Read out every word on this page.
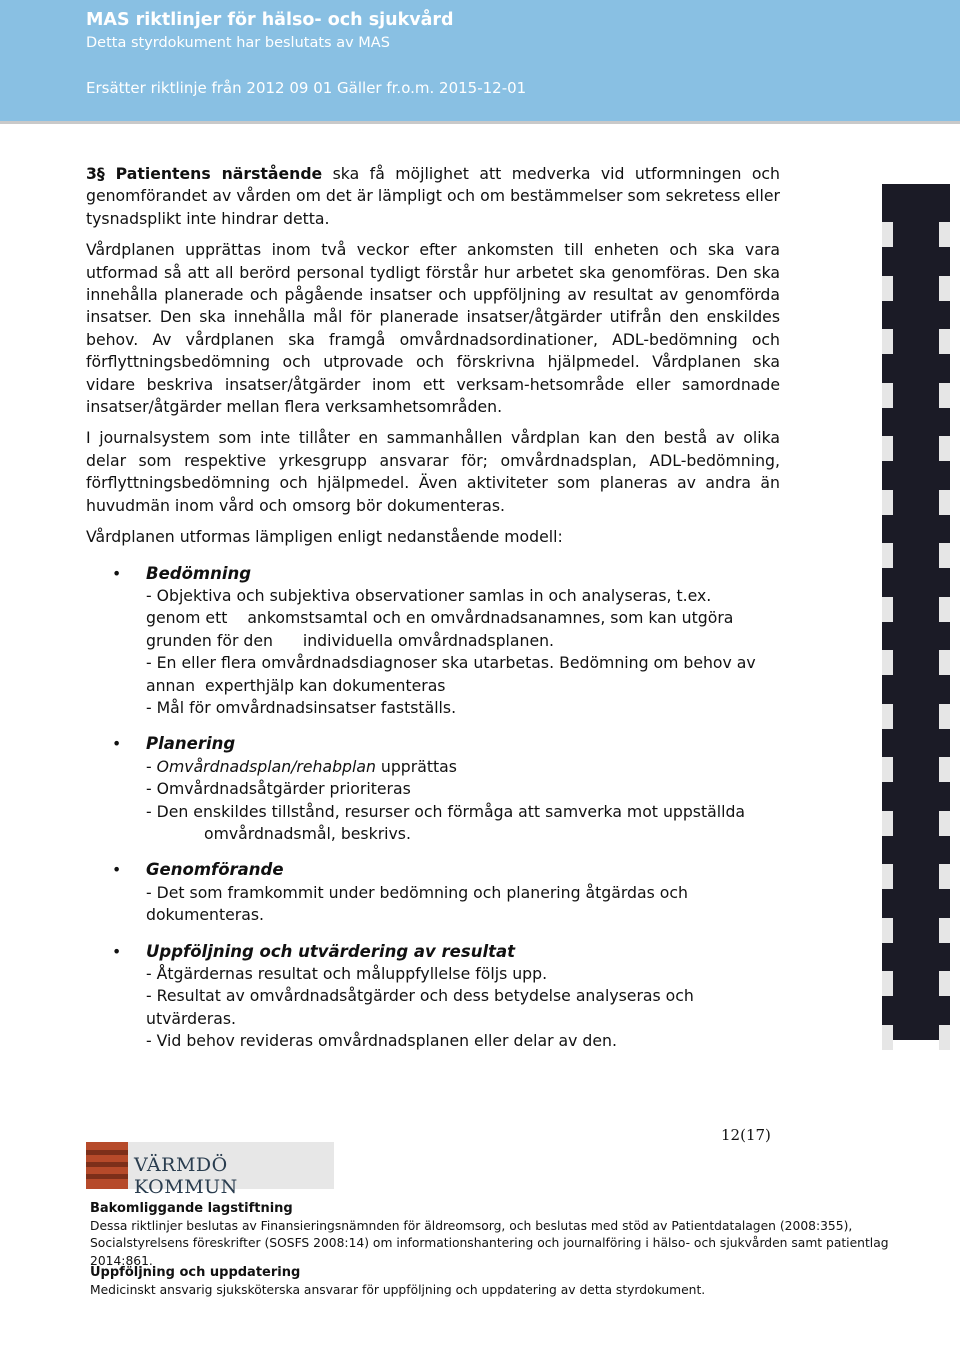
MAS riktlinjer för hälso- och sjukvård
Detta styrdokument har beslutats av MAS
Ersätter riktlinje från 2012 09 01 Gäller fr.o.m. 2015-12-01

3§ Patientens närstående ska få möjlighet att medverka vid utformningen och genomförandet av vården om det är lämpligt och om bestämmelser som sekretess eller tysnadsplikt inte hindrar detta.

Vårdplanen upprättas inom två veckor efter ankomsten till enheten och ska vara utformad så att all berörd personal tydligt förstår hur arbetet ska genomföras. Den ska innehålla planerade och pågående insatser och uppföljning av resultat av genomförda insatser. Den ska innehålla mål för planerade insatser/åtgärder utifrån den enskildes behov. Av vårdplanen ska framgå omvårdnadsordinationer, ADL-bedömning och förflyttningsbedömning och utprovade och förskrivna hjälpmedel. Vårdplanen ska vidare beskriva insatser/åtgärder inom ett verksam-hetsområde eller samordnade insatser/åtgärder mellan flera verksamhetsområden.

I journalsystem som inte tillåter en sammanhållen vårdplan kan den bestå av olika delar som respektive yrkesgrupp ansvarar för; omvårdnadsplan, ADL-bedömning, förflyttningsbedömning och hjälpmedel. Även aktiviteter som planeras av andra än huvudmän inom vård och omsorg bör dokumenteras.

Vårdplanen utformas lämpligen enligt nedanstående modell:

• Bedömning
- Objektiva och subjektiva observationer samlas in och analyseras, t.ex.
genom ett    ankomstsamtal och en omvårdnadsanamnes, som kan utgöra
grunden för den      individuella omvårdnadsplanen.
- En eller flera omvårdnadsdiagnoser ska utarbetas. Bedömning om behov av
annan  experthjälp kan dokumenteras
- Mål för omvårdnadsinsatser fastställs.
• Planering
- Omvårdnadsplan/rehabplan upprättas
- Omvårdnadsåtgärder prioriteras
- Den enskildes tillstånd, resurser och förmåga att samverka mot uppställda
omvårdnadsmål, beskrivs.
• Genomförande
- Det som framkommit under bedömning och planering åtgärdas och
dokumenteras.
• Uppföljning och utvärdering av resultat
- Åtgärdernas resultat och måluppfyllelse följs upp.
- Resultat av omvårdnadsåtgärder och dess betydelse analyseras och
utvärderas.
- Vid behov revideras omvårdnadsplanen eller delar av den.
12(17)
VÄRMDÖ KOMMUN
Bakomliggande lagstiftning
Dessa riktlinjer beslutas av Finansieringsnämnden för äldreomsorg, och beslutas med stöd av Patientdatalagen (2008:355), Socialstyrelsens föreskrifter (SOSFS 2008:14) om informationshantering och journalföring i hälso- och sjukvården samt patientlag 2014:861.
Uppföljning och uppdatering
Medicinskt ansvarig sjuksköterska ansvarar för uppföljning och uppdatering av detta styrdokument.
